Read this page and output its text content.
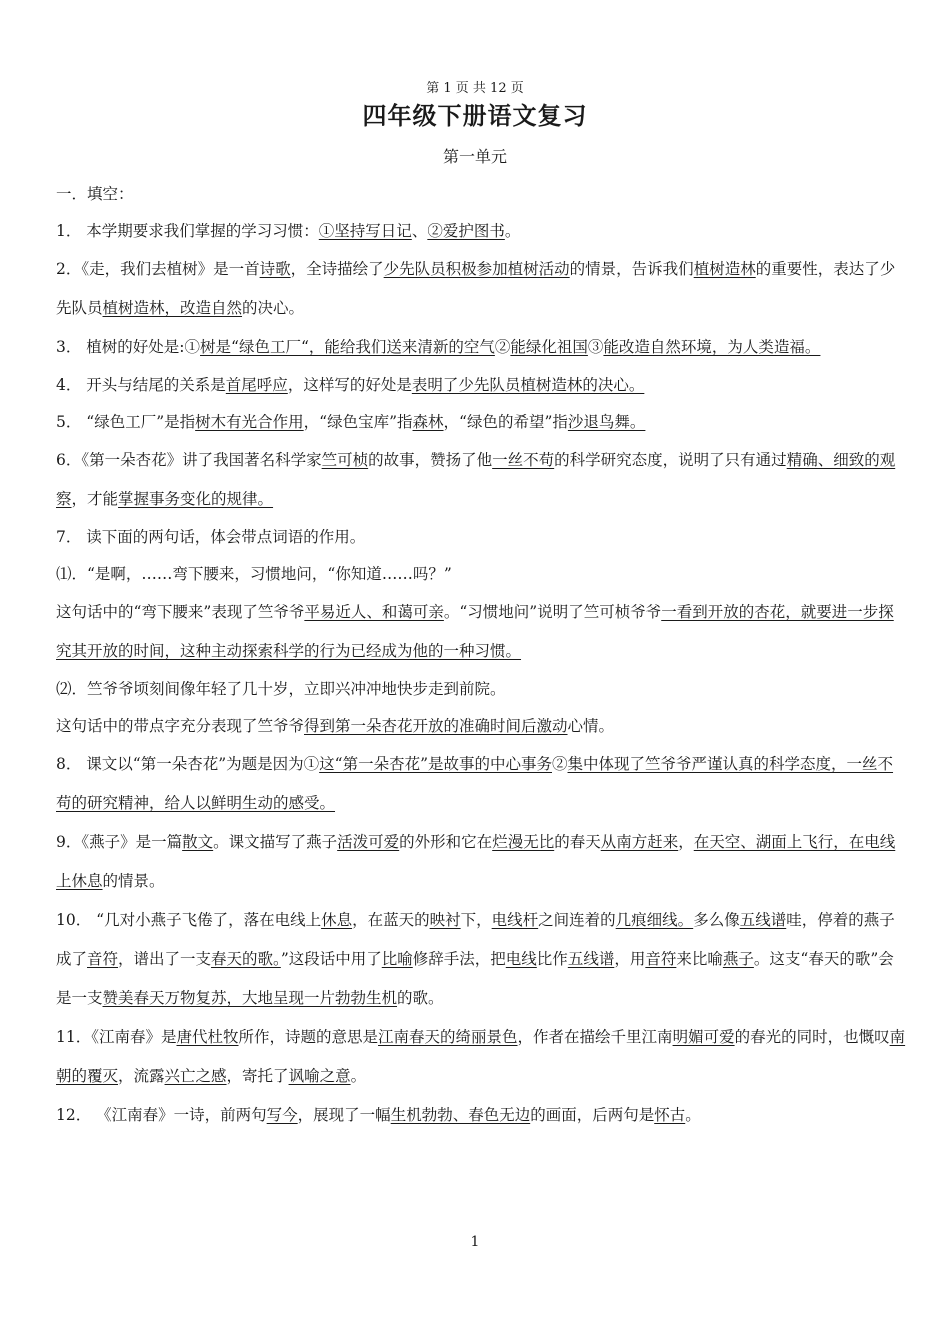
第 1 页 共 12 页
四年级下册语文复习
第一单元

一．填空：

1． 本学期要求我们掌握的学习习惯：①坚持写日记、②爱护图书。

2．《走，我们去植树》是一首诗歌，全诗描绘了少先队员积极参加植树活动的情景，告诉我们植树造林的重要性，表达了少先队员植树造林，改造自然的决心。

3． 植树的好处是:①树是“绿色工厂“，能给我们送来清新的空气②能绿化祖国③能改造自然环境，为人类造福。

4． 开头与结尾的关系是首尾呼应，这样写的好处是表明了少先队员植树造林的决心。

5． “绿色工厂”是指树木有光合作用，“绿色宝库”指森林，“绿色的希望”指沙退鸟舞。

6．《第一朵杏花》讲了我国著名科学家竺可桢的故事，赞扬了他一丝不苟的科学研究态度，说明了只有通过精确、细致的观察，才能掌握事务变化的规律。

7． 读下面的两句话，体会带点词语的作用。

⑴．“是啊，……弯下腰来，习惯地问，“你知道……吗？”

这句话中的“弯下腰来”表现了竺爷爷平易近人、和蔼可亲。“习惯地问”说明了竺可桢爷爷一看到开放的杏花，就要进一步探究其开放的时间，这种主动探索科学的行为已经成为他的一种习惯。

⑵．竺爷爷顷刻间像年轻了几十岁，立即兴冲冲地快步走到前院。

这句话中的带点字充分表现了竺爷爷得到第一朵杏花开放的准确时间后激动心情。

8． 课文以“第一朵杏花”为题是因为①这“第一朵杏花”是故事的中心事务②集中体现了竺爷爷严谨认真的科学态度，一丝不苟的研究精神，给人以鲜明生动的感受。

9．《燕子》是一篇散文。课文描写了燕子活泼可爱的外形和它在烂漫无比的春天从南方赶来，在天空、湖面上飞行，在电线上休息的情景。

10． “几对小燕子飞倦了，落在电线上休息，在蓝天的映衬下，电线杆之间连着的几痕细线。多么像五线谱哇，停着的燕子成了音符，谱出了一支春天的歌。”这段话中用了比喻修辞手法，把电线比作五线谱，用音符来比喻燕子。这支“春天的歌”会是一支赞美春天万物复苏，大地呈现一片勃勃生机的歌。

11．《江南春》是唐代杜牧所作，诗题的意思是江南春天的绮丽景色，作者在描绘千里江南明媚可爱的春光的同时，也慨叹南朝的覆灭，流露兴亡之感，寄托了讽喻之意。

12． 《江南春》一诗，前两句写今，展现了一幅生机勃勃、春色无边的画面，后两句是怀古。

1
